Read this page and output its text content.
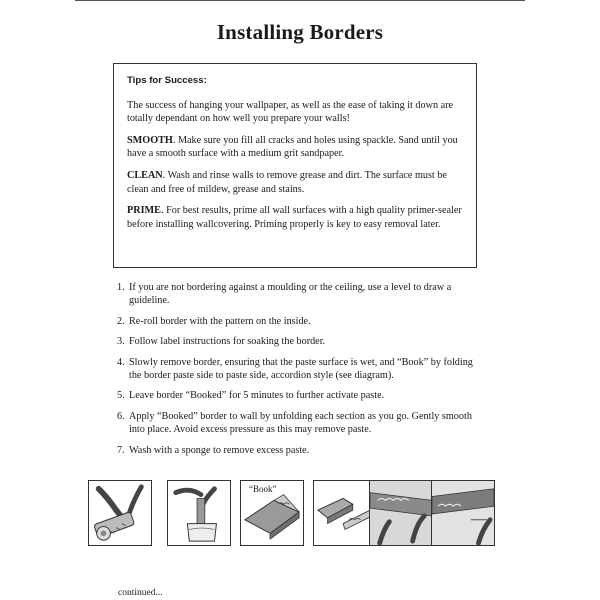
Installing Borders
Tips for Success:

The success of hanging your wallpaper, as well as the ease of taking it down are totally dependant on how well you prepare your walls!

SMOOTH. Make sure you fill all cracks and holes using spackle. Sand until you have a smooth surface with a medium grit sandpaper.

CLEAN. Wash and rinse walls to remove grease and dirt. The surface must be clean and free of mildew, grease and stains.

PRIME. For best results, prime all wall surfaces with a high quality primer-sealer before installing wallcovering. Priming properly is key to easy removal later.

1. If you are not bordering against a moulding or the ceiling, use a level to draw a guideline.
2. Re-roll border with the pattern on the inside.
3. Follow label instructions for soaking the border.
4. Slowly remove border, ensuring that the paste surface is wet, and “Book” by folding the border paste side to paste side, accordion style (see diagram).
5. Leave border “Booked” for 5 minutes to further activate paste.
6. Apply “Booked” border to wall by unfolding each section as you go. Gently smooth into place. Avoid excess pressure as this may remove paste.
7. Wash with a sponge to remove excess paste.
“Book”
continued...
